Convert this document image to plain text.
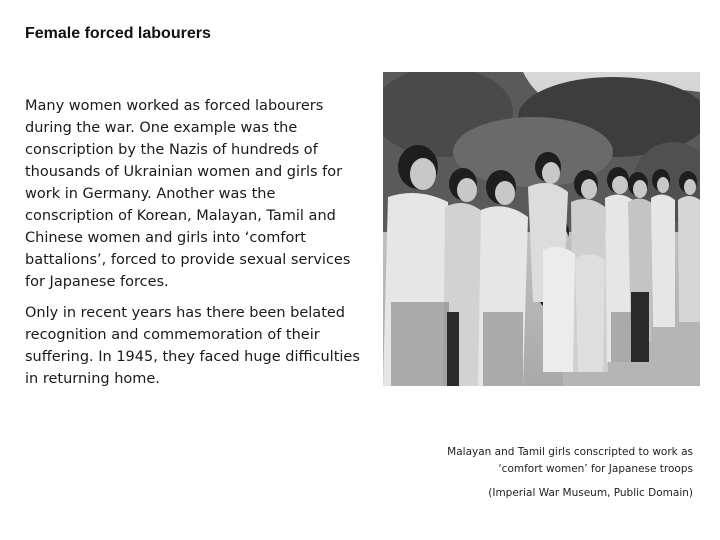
Female forced labourers
Many women worked as forced labourers during the war. One example was the conscription by the Nazis of hundreds of thousands of Ukrainian women and girls for work in Germany. Another was the conscription of Korean, Malayan, Tamil and Chinese women and girls into ‘comfort battalions’, forced to provide sexual services for Japanese forces.
Only in recent years has there been belated recognition and commemoration of their suffering. In 1945, they faced huge difficulties in returning home.
Malayan and Tamil girls conscripted to work as
‘comfort women’ for Japanese troops
(Imperial War Museum, Public Domain)
